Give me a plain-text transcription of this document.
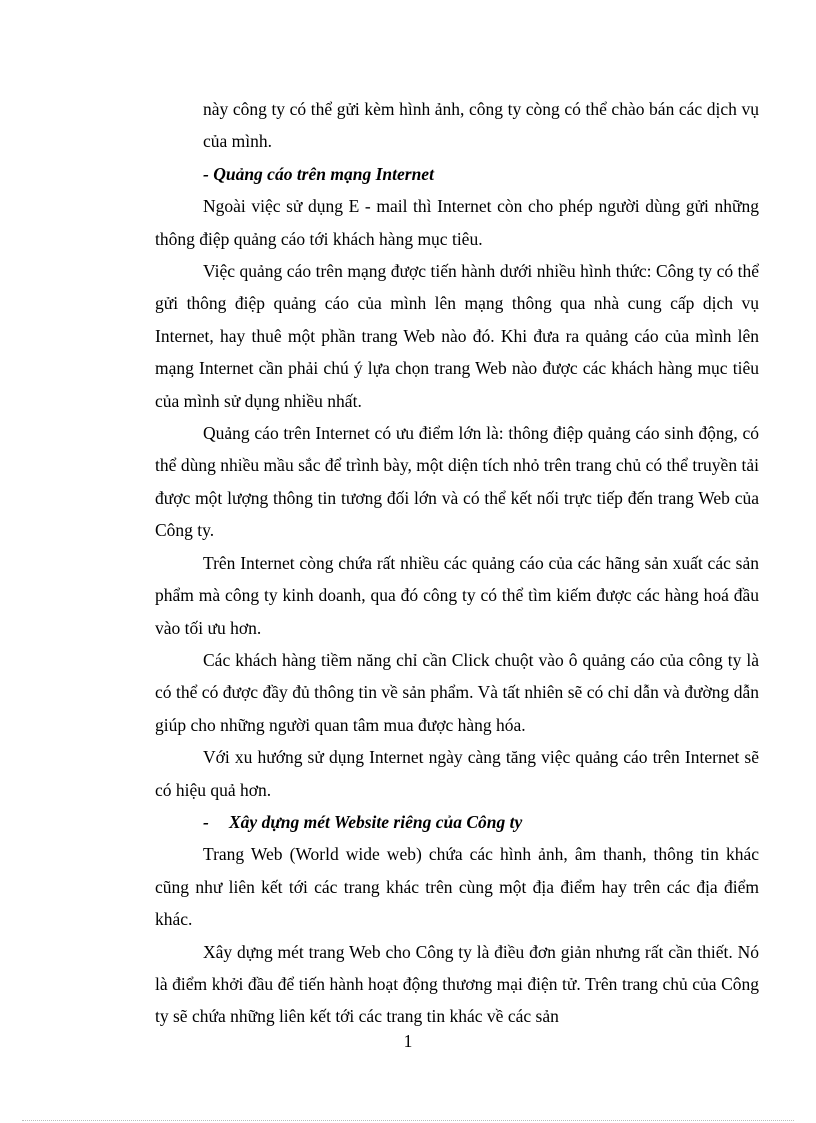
này công ty có thể gửi kèm hình ảnh, công ty còng có thể chào bán các dịch vụ của mình.

- Quảng cáo trên mạng Internet

Ngoài việc sử dụng E - mail thì Internet còn cho phép người dùng gửi những thông điệp quảng cáo tới khách hàng mục tiêu.

Việc quảng cáo trên mạng được tiến hành dưới nhiều hình thức: Công ty có thể gửi thông điệp quảng cáo của mình lên mạng thông qua nhà cung cấp dịch vụ Internet, hay thuê một phần trang Web nào đó. Khi đưa ra quảng cáo của mình lên mạng Internet cần phải chú ý lựa chọn trang Web nào được các khách hàng mục tiêu của mình sử dụng nhiều nhất.

Quảng cáo trên Internet có ưu điểm lớn là: thông điệp quảng cáo sinh động, có thể dùng nhiều mầu sắc để trình bày, một diện tích nhỏ trên trang chủ có thể truyền tải được một lượng thông tin tương đối lớn và có thể kết nối trực tiếp đến trang Web của Công ty.

Trên Internet còng chứa rất nhiều các quảng cáo của các hãng sản xuất các sản phẩm mà công ty kinh doanh, qua đó công ty có thể tìm kiếm được các hàng hoá đầu vào tối ưu hơn.

Các khách hàng tiềm năng chỉ cần Click chuột vào ô quảng cáo của công ty là có thể có được đầy đủ thông tin về sản phẩm. Và tất nhiên sẽ có chỉ dẫn và đường dẫn giúp cho những người quan tâm mua được hàng hóa.

Với xu hướng sử dụng Internet ngày càng tăng việc quảng cáo trên Internet sẽ có hiệu quả hơn.

- Xây dựng mét Website riêng của Công ty

Trang Web (World wide web) chứa các hình ảnh, âm thanh, thông tin khác cũng như liên kết tới các trang khác trên cùng một địa điểm hay trên các địa điểm khác.

Xây dựng mét trang Web cho Công ty là điều đơn giản nhưng rất cần thiết. Nó là điểm khởi đầu để tiến hành hoạt động thương mại điện tử. Trên trang chủ của Công ty sẽ chứa những liên kết tới các trang tin khác về các sản

1
